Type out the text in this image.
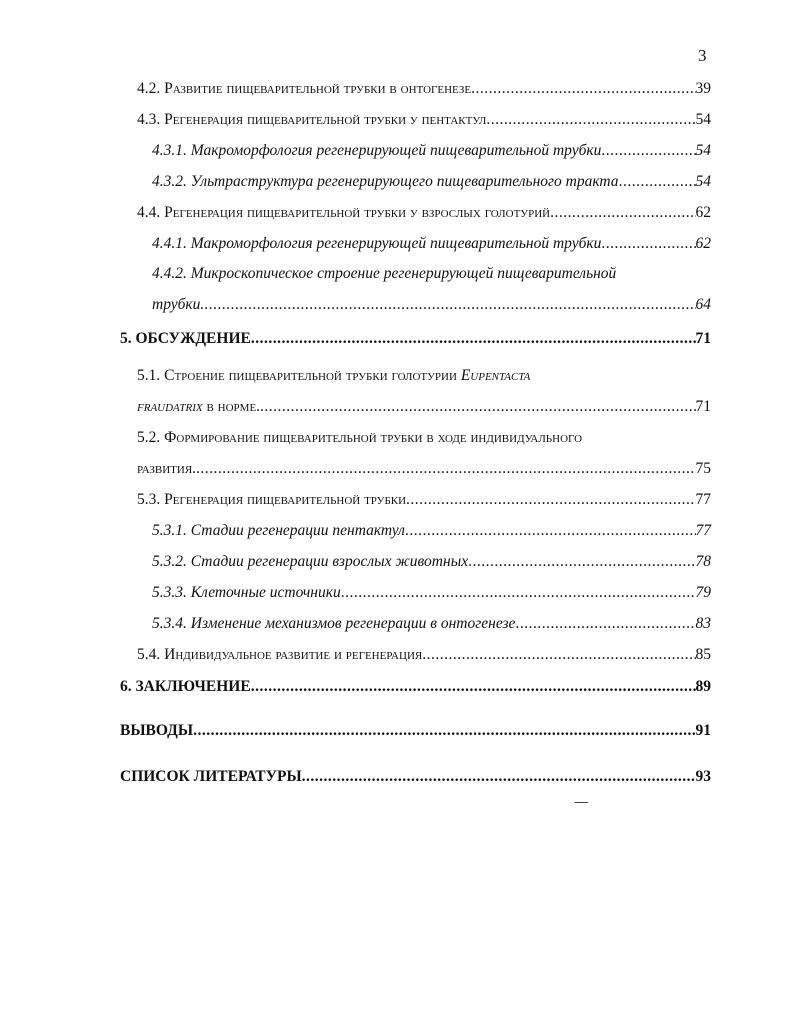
3
4.2. Развитие пищеварительной трубки в онтогенезе .....	39
4.3. Регенерация пищеварительной трубки у пентактул .....	54
4.3.1. Макроморфология регенерирующей пищеварительной трубки .....	54
4.3.2. Ультраструктура регенерирующего пищеварительного тракта .....	54
4.4. Регенерация пищеварительной трубки у взрослых голотурий .....	62
4.4.1. Макроморфология регенерирующей пищеварительной трубки .....	62
4.4.2. Микроскопическое строение регенерирующей пищеварительной
трубки. .....	64
5. ОБСУЖДЕНИЕ .....	71
5.1. Строение пищеварительной трубки голотурии Eupentacta
fraudatrix в норме. .....	71
5.2. Формирование пищеварительной трубки в ходе индивидуального
развития. .....	75
5.3. Регенерация пищеварительной трубки .....	77
5.3.1. Стадии регенерации пентактул .....	77
5.3.2. Стадии регенерации взрослых животных .....	78
5.3.3. Клеточные источники .....	79
5.3.4. Изменение механизмов регенерации в онтогенезе .....	83
5.4. Индивидуальное развитие и регенерация .....	85
6. ЗАКЛЮЧЕНИЕ .....	89
ВЫВОДЫ .....	91
СПИСОК ЛИТЕРАТУРЫ .....	93
-----
